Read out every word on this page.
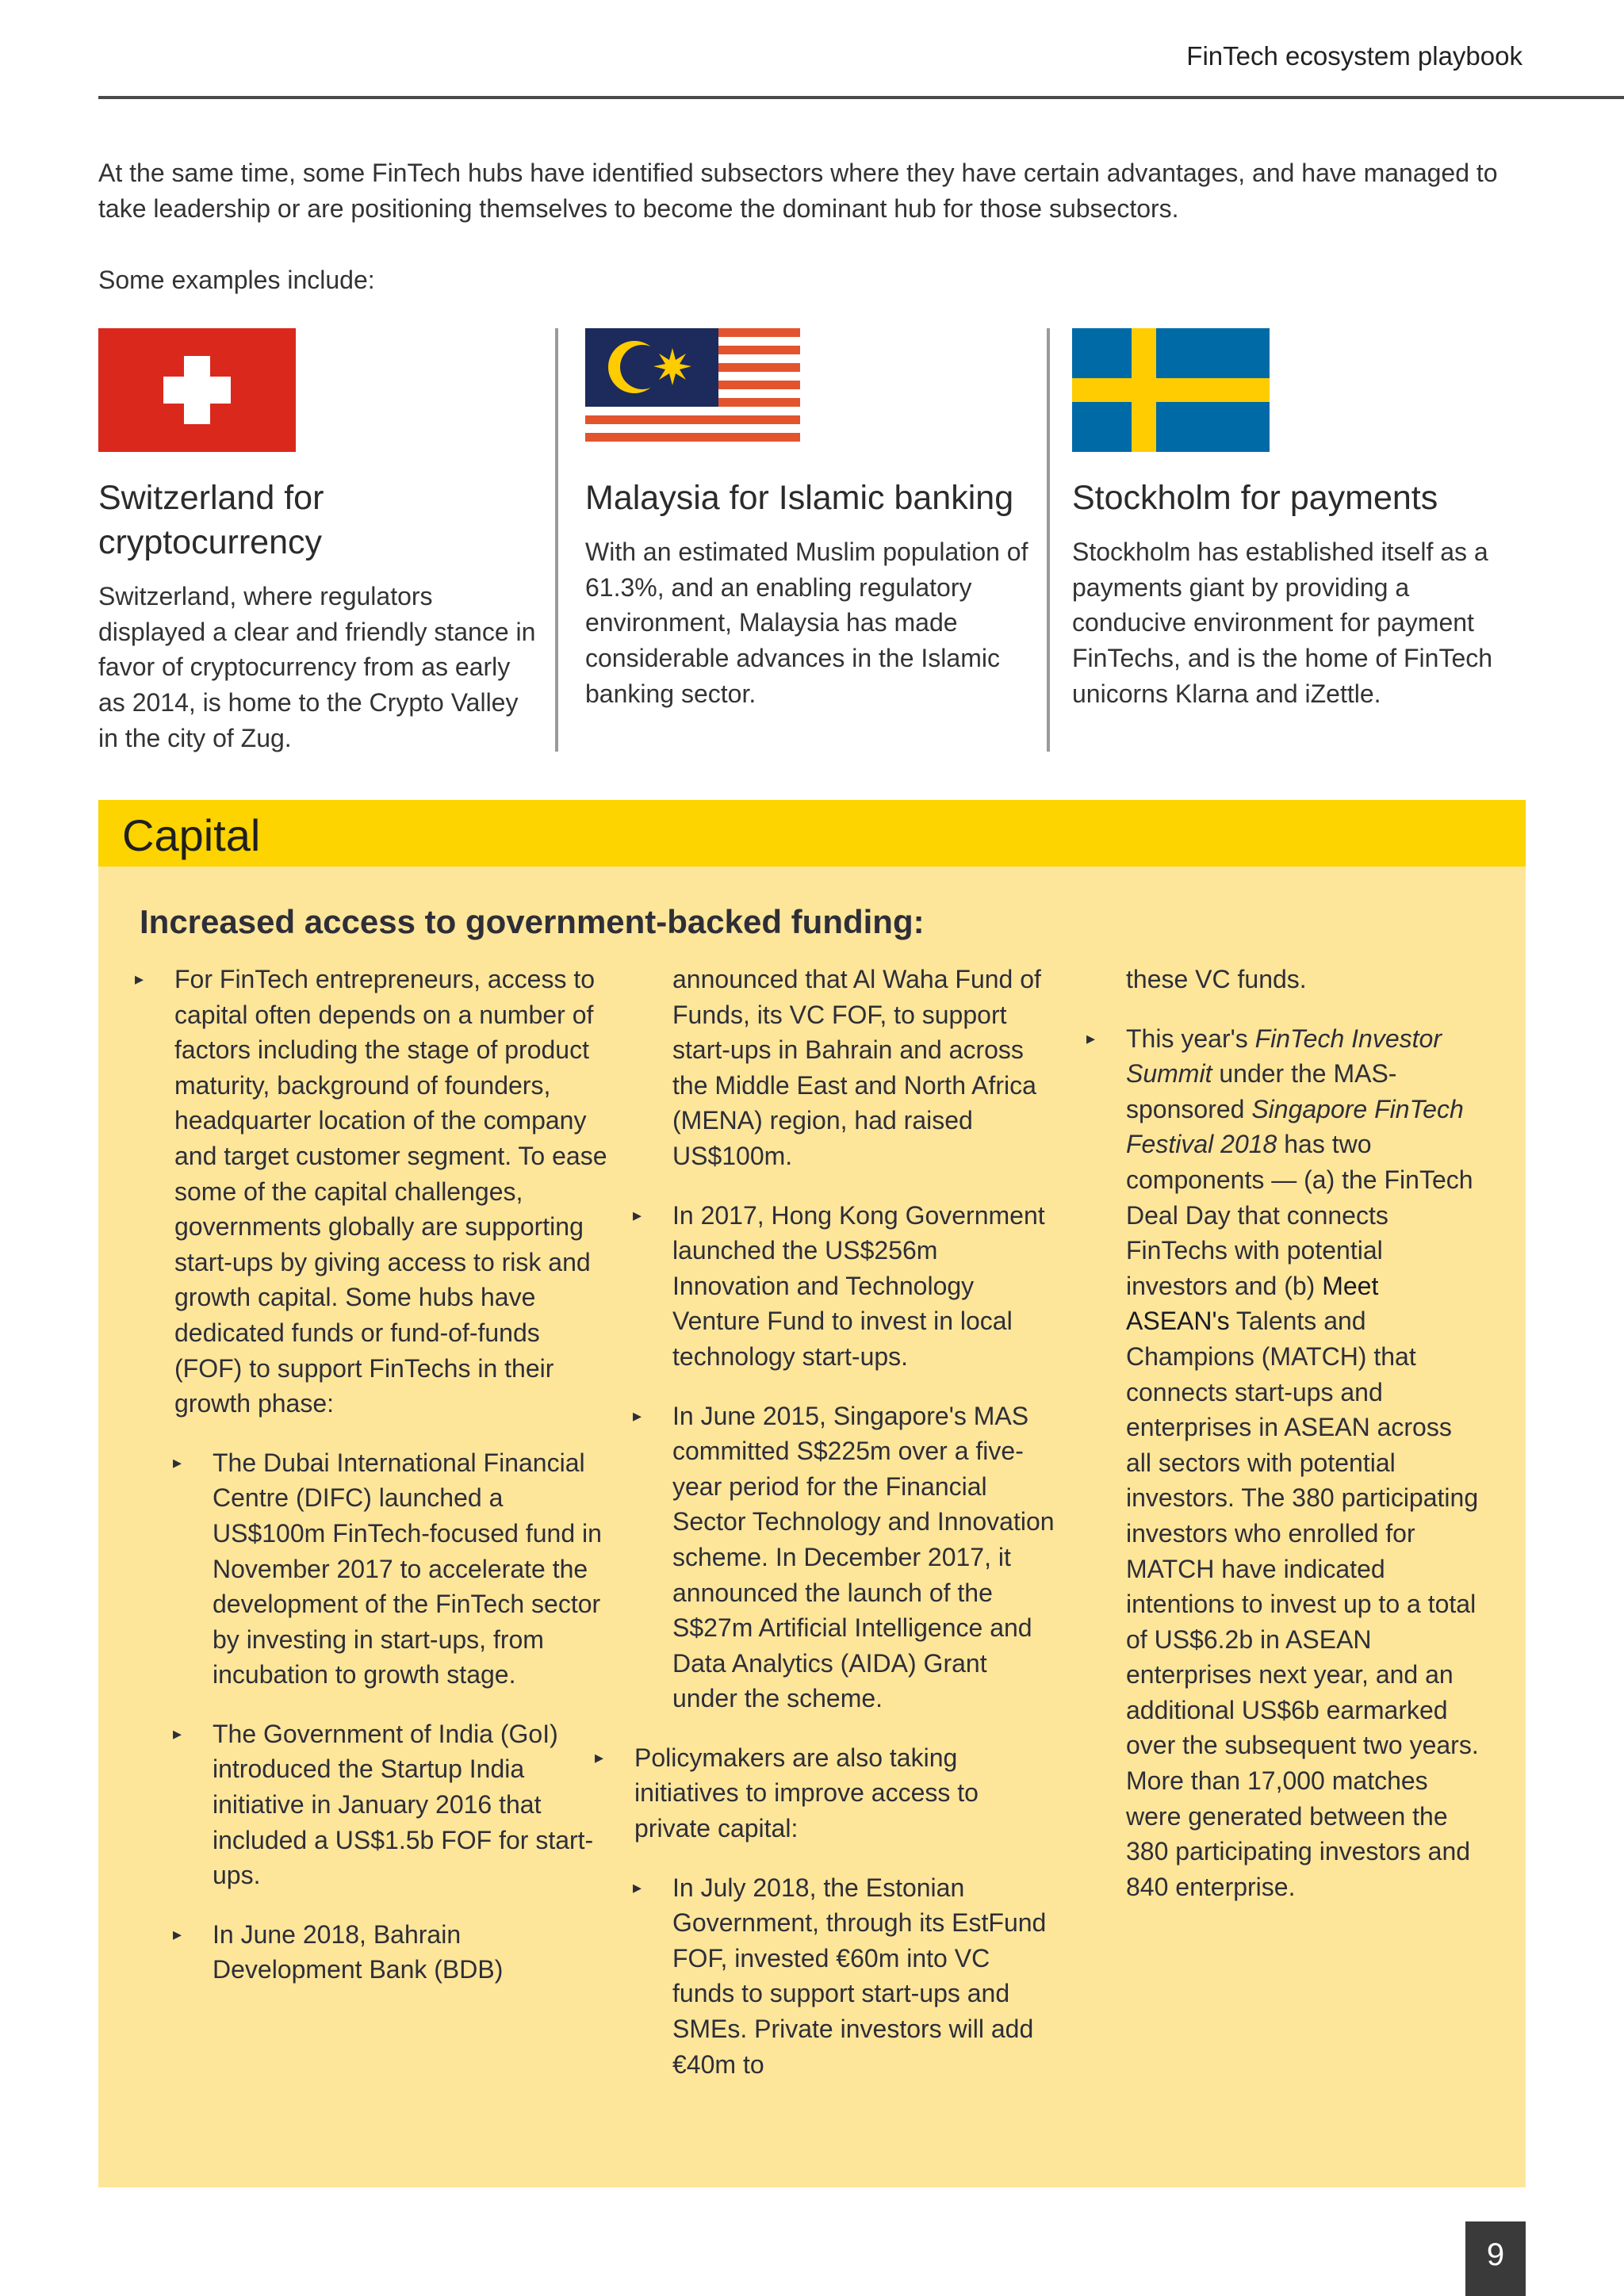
FinTech ecosystem playbook

At the same time, some FinTech hubs have identified subsectors where they have certain advantages, and have managed to take leadership or are positioning themselves to become the dominant hub for those subsectors.

Some examples include:

Switzerland for cryptocurrency
Switzerland, where regulators displayed a clear and friendly stance in favor of cryptocurrency from as early as 2014, is home to the Crypto Valley in the city of Zug.
Malaysia for Islamic banking
With an estimated Muslim population of 61.3%, and an enabling regulatory environment, Malaysia has made considerable advances in the Islamic banking sector.
Stockholm for payments
Stockholm has established itself as a payments giant by providing a conducive environment for payment FinTechs, and is the home of FinTech unicorns Klarna and iZettle.
Capital
Increased access to government-backed funding:
▸ For FinTech entrepreneurs, access to capital often depends on a number of factors including the stage of product maturity, background of founders, headquarter location of the company and target customer segment. To ease some of the capital challenges, governments globally are supporting start-ups by giving access to risk and growth capital. Some hubs have dedicated funds or fund-of-funds (FOF) to support FinTechs in their growth phase:
▸ The Dubai International Financial Centre (DIFC) launched a US$100m FinTech-focused fund in November 2017 to accelerate the development of the FinTech sector by investing in start-ups, from incubation to growth stage.
▸ The Government of India (GoI) introduced the Startup India initiative in January 2016 that included a US$1.5b FOF for start-ups.
▸ In June 2018, Bahrain Development Bank (BDB)
announced that Al Waha Fund of Funds, its VC FOF, to support start-ups in Bahrain and across the Middle East and North Africa (MENA) region, had raised US$100m.
▸ In 2017, Hong Kong Government launched the US$256m Innovation and Technology Venture Fund to invest in local technology start-ups.
▸ In June 2015, Singapore's MAS committed S$225m over a five-year period for the Financial Sector Technology and Innovation scheme. In December 2017, it announced the launch of the S$27m Artificial Intelligence and Data Analytics (AIDA) Grant under the scheme.
▸ Policymakers are also taking initiatives to improve access to private capital:
▸ In July 2018, the Estonian Government, through its EstFund FOF, invested €60m into VC funds to support start-ups and SMEs. Private investors will add €40m to
these VC funds.
▸ This year's FinTech Investor Summit under the MAS-sponsored Singapore FinTech Festival 2018 has two components — (a) the FinTech Deal Day that connects FinTechs with potential investors and (b) Meet ASEAN's Talents and Champions (MATCH) that connects start-ups and enterprises in ASEAN across all sectors with potential investors. The 380 participating investors who enrolled for MATCH have indicated intentions to invest up to a total of US$6.2b in ASEAN enterprises next year, and an additional US$6b earmarked over the subsequent two years. More than 17,000 matches were generated between the 380 participating investors and 840 enterprise.
9
